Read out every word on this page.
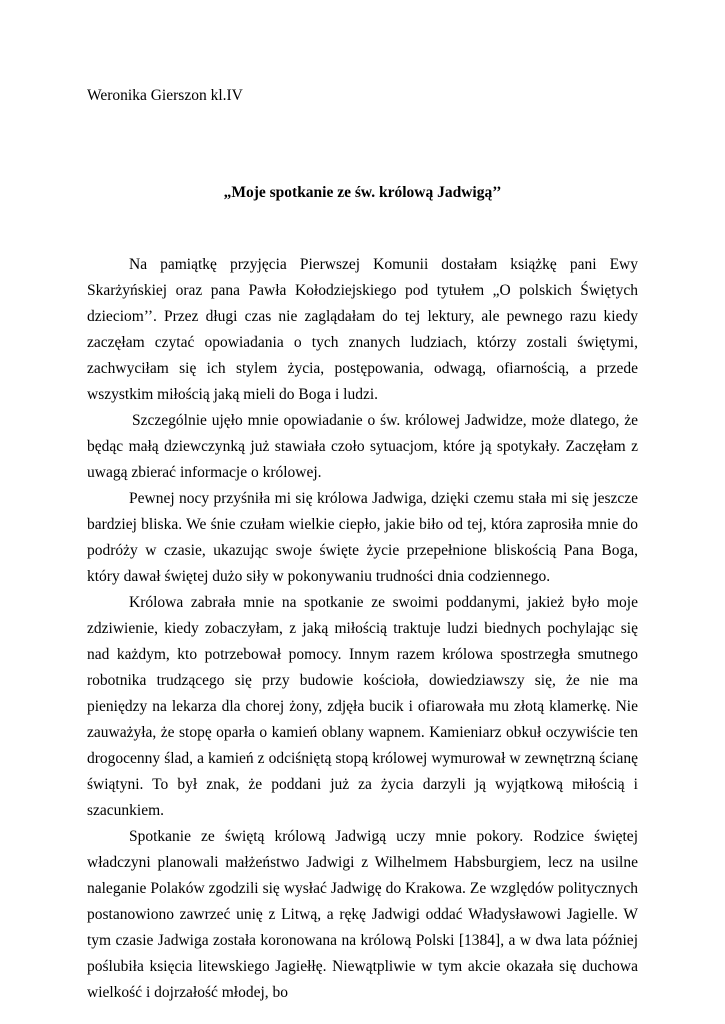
Weronika Gierszon kl.IV
„Moje spotkanie ze św. królową Jadwigą’’

Na pamiątkę przyjęcia Pierwszej Komunii dostałam książkę pani Ewy Skarżyńskiej oraz pana Pawła Kołodziejskiego pod tytułem „O polskich Świętych dzieciom’’. Przez długi czas nie zaglądałam do tej lektury, ale pewnego razu kiedy zaczęłam czytać opowiadania o tych znanych ludziach, którzy zostali świętymi, zachwyciłam się ich stylem życia, postępowania, odwagą, ofiarnością, a przede wszystkim miłością jaką mieli do Boga i ludzi.

Szczególnie ujęło mnie opowiadanie o św. królowej Jadwidze, może dlatego, że będąc małą dziewczynką już stawiała czoło sytuacjom, które ją spotykały. Zaczęłam z uwagą zbierać informacje o królowej.

Pewnej nocy przyśniła mi się królowa Jadwiga, dzięki czemu stała mi się jeszcze bardziej bliska. We śnie czułam wielkie ciepło, jakie biło od tej, która zaprosiła mnie do podróży w czasie, ukazując swoje święte życie przepełnione bliskością Pana Boga, który dawał świętej dużo siły w pokonywaniu trudności dnia codziennego.

Królowa zabrała mnie na spotkanie ze swoimi poddanymi, jakież było moje zdziwienie, kiedy zobaczyłam, z jaką miłością traktuje ludzi biednych pochylając się nad każdym, kto potrzebował pomocy. Innym razem królowa spostrzegła smutnego robotnika trudzącego się przy budowie kościoła, dowiedziawszy się, że nie ma pieniędzy na lekarza dla chorej żony, zdjęła bucik i ofiarowała mu złotą klamerkę. Nie zauważyła, że stopę oparła o kamień oblany wapnem. Kamieniarz obkuł oczywiście ten drogocenny ślad, a kamień z odciśniętą stopą królowej wymurował w zewnętrzną ścianę świątyni. To był znak, że poddani już za życia darzyli ją wyjątkową miłością i szacunkiem.

Spotkanie ze świętą królową Jadwigą uczy mnie pokory. Rodzice świętej władczyni planowali małżeństwo Jadwigi z Wilhelmem Habsburgiem, lecz na usilne naleganie Polaków zgodzili się wysłać Jadwigę do Krakowa. Ze względów politycznych postanowiono zawrzeć unię z Litwą, a rękę Jadwigi oddać Władysławowi Jagielle. W tym czasie Jadwiga została koronowana na królową Polski [1384], a w dwa lata później poślubiła księcia litewskiego Jagiełłę. Niewątpliwie w tym akcie okazała się duchowa wielkość i dojrzałość młodej, bo
